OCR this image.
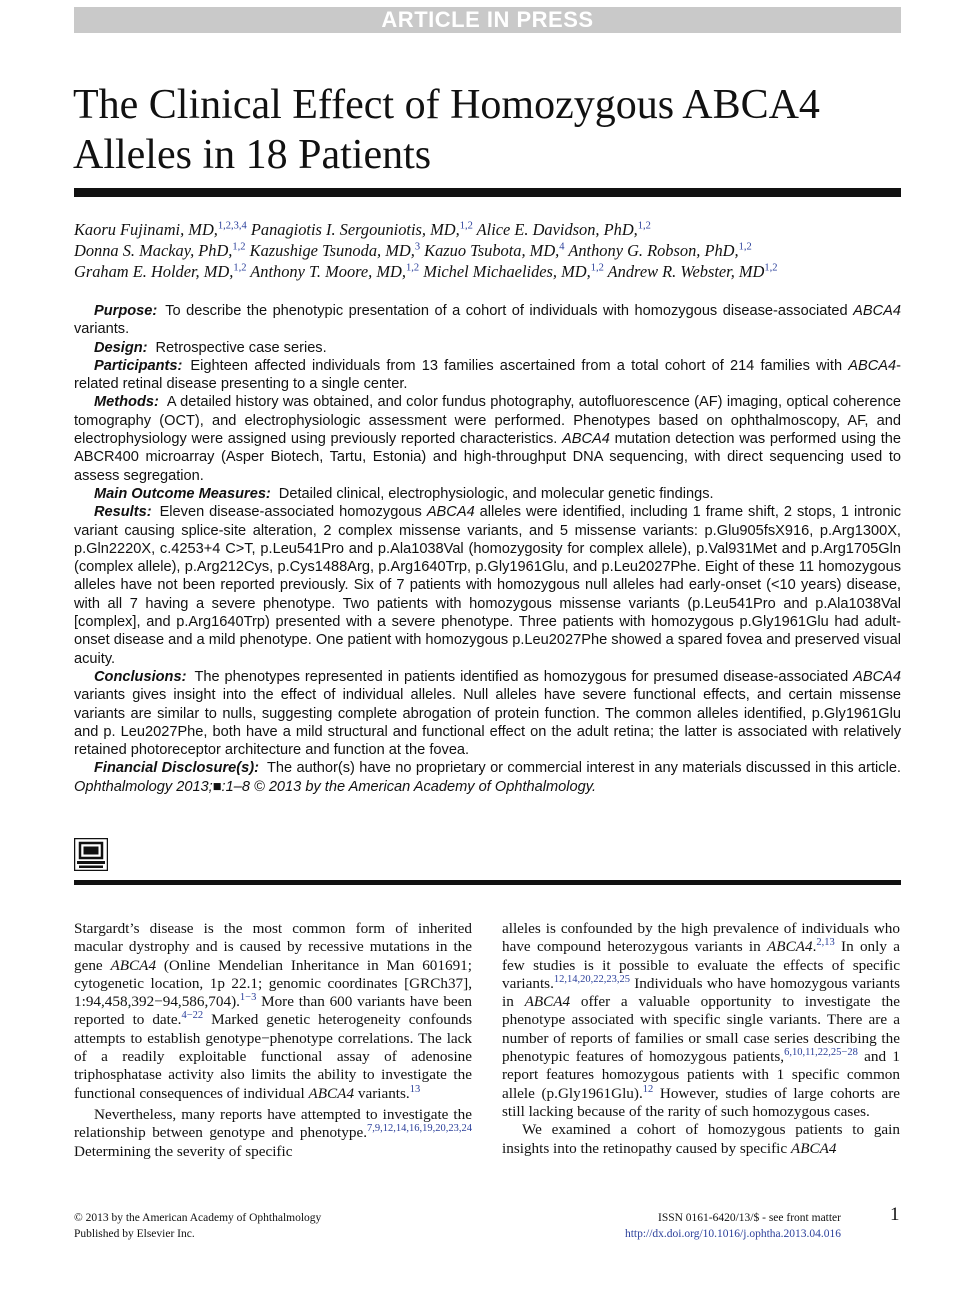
ARTICLE IN PRESS
The Clinical Effect of Homozygous ABCA4 Alleles in 18 Patients
Kaoru Fujinami, MD,$^{1,2,3,4}$ Panagiotis I. Sergouniotis, MD,$^{1,2}$ Alice E. Davidson, PhD,$^{1,2}$
Donna S. Mackay, PhD,$^{1,2}$ Kazushige Tsunoda, MD,$^3$ Kazuo Tsubota, MD,$^4$ Anthony G. Robson, PhD,$^{1,2}$
Graham E. Holder, MD,$^{1,2}$ Anthony T. Moore, MD,$^{1,2}$ Michel Michaelides, MD,$^{1,2}$ Andrew R. Webster, MD$^{1,2}$

Purpose: To describe the phenotypic presentation of a cohort of individuals with homozygous disease-associated ABCA4 variants.

Design: Retrospective case series.

Participants: Eighteen affected individuals from 13 families ascertained from a total cohort of 214 families with ABCA4-related retinal disease presenting to a single center.

Methods: A detailed history was obtained, and color fundus photography, autofluorescence (AF) imaging, optical coherence tomography (OCT), and electrophysiologic assessment were performed. Phenotypes based on ophthalmoscopy, AF, and electrophysiology were assigned using previously reported characteristics. ABCA4 mutation detection was performed using the ABCR400 microarray (Asper Biotech, Tartu, Estonia) and high-throughput DNA sequencing, with direct sequencing used to assess segregation.

Main Outcome Measures: Detailed clinical, electrophysiologic, and molecular genetic findings.

Results: Eleven disease-associated homozygous ABCA4 alleles were identified, including 1 frame shift, 2 stops, 1 intronic variant causing splice-site alteration, 2 complex missense variants, and 5 missense variants: p.Glu905fsX916, p.Arg1300X, p.Gln2220X, c.4253+4 C>T, p.Leu541Pro and p.Ala1038Val (homozygosity for complex allele), p.Val931Met and p.Arg1705Gln (complex allele), p.Arg212Cys, p.Cys1488Arg, p.Arg1640Trp, p.Gly1961Glu, and p.Leu2027Phe. Eight of these 11 homozygous alleles have not been reported previously. Six of 7 patients with homozygous null alleles had early-onset (<10 years) disease, with all 7 having a severe phenotype. Two patients with homozygous missense variants (p.Leu541Pro and p.Ala1038Val [complex], and p.Arg1640Trp) presented with a severe phenotype. Three patients with homozygous p.Gly1961Glu had adult-onset disease and a mild phenotype. One patient with homozygous p.Leu2027Phe showed a spared fovea and preserved visual acuity.

Conclusions: The phenotypes represented in patients identified as homozygous for presumed disease-associated ABCA4 variants gives insight into the effect of individual alleles. Null alleles have severe functional effects, and certain missense variants are similar to nulls, suggesting complete abrogation of protein function. The common alleles identified, p.Gly1961Glu and p. Leu2027Phe, both have a mild structural and functional effect on the adult retina; the latter is associated with relatively retained photoreceptor architecture and function at the fovea.

Financial Disclosure(s): The author(s) have no proprietary or commercial interest in any materials discussed in this article. Ophthalmology 2013;■:1–8 © 2013 by the American Academy of Ophthalmology.

Stargardt’s disease is the most common form of inherited macular dystrophy and is caused by recessive mutations in the gene ABCA4 (Online Mendelian Inheritance in Man 601691; cytogenetic location, 1p 22.1; genomic coordinates [GRCh37], 1:94,458,392−94,586,704).$^{1-3}$ More than 600 variants have been reported to date.$^{4-22}$ Marked genetic heterogeneity confounds attempts to establish genotype−phenotype correlations. The lack of a readily exploitable functional assay of adenosine triphosphatase activity also limits the ability to investigate the functional consequences of individual ABCA4 variants.$^{13}$

Nevertheless, many reports have attempted to investigate the relationship between genotype and phenotype.$^{7,9,12,14,16,19,20,23,24}$ Determining the severity of specific

alleles is confounded by the high prevalence of individuals who have compound heterozygous variants in ABCA4.$^{2,13}$ In only a few studies is it possible to evaluate the effects of specific variants.$^{12,14,20,22,23,25}$ Individuals who have homozygous variants in ABCA4 offer a valuable opportunity to investigate the phenotype associated with specific single variants. There are a number of reports of families or small case series describing the phenotypic features of homozygous patients,$^{6,10,11,22,25-28}$ and 1 report features homozygous patients with 1 specific common allele (p.Gly1961Glu).$^{12}$ However, studies of large cohorts are still lacking because of the rarity of such homozygous cases.

We examined a cohort of homozygous patients to gain insights into the retinopathy caused by specific ABCA4

© 2013 by the American Academy of Ophthalmology
Published by Elsevier Inc.
ISSN 0161-6420/13/$ - see front matter
http://dx.doi.org/10.1016/j.ophtha.2013.04.016
1
